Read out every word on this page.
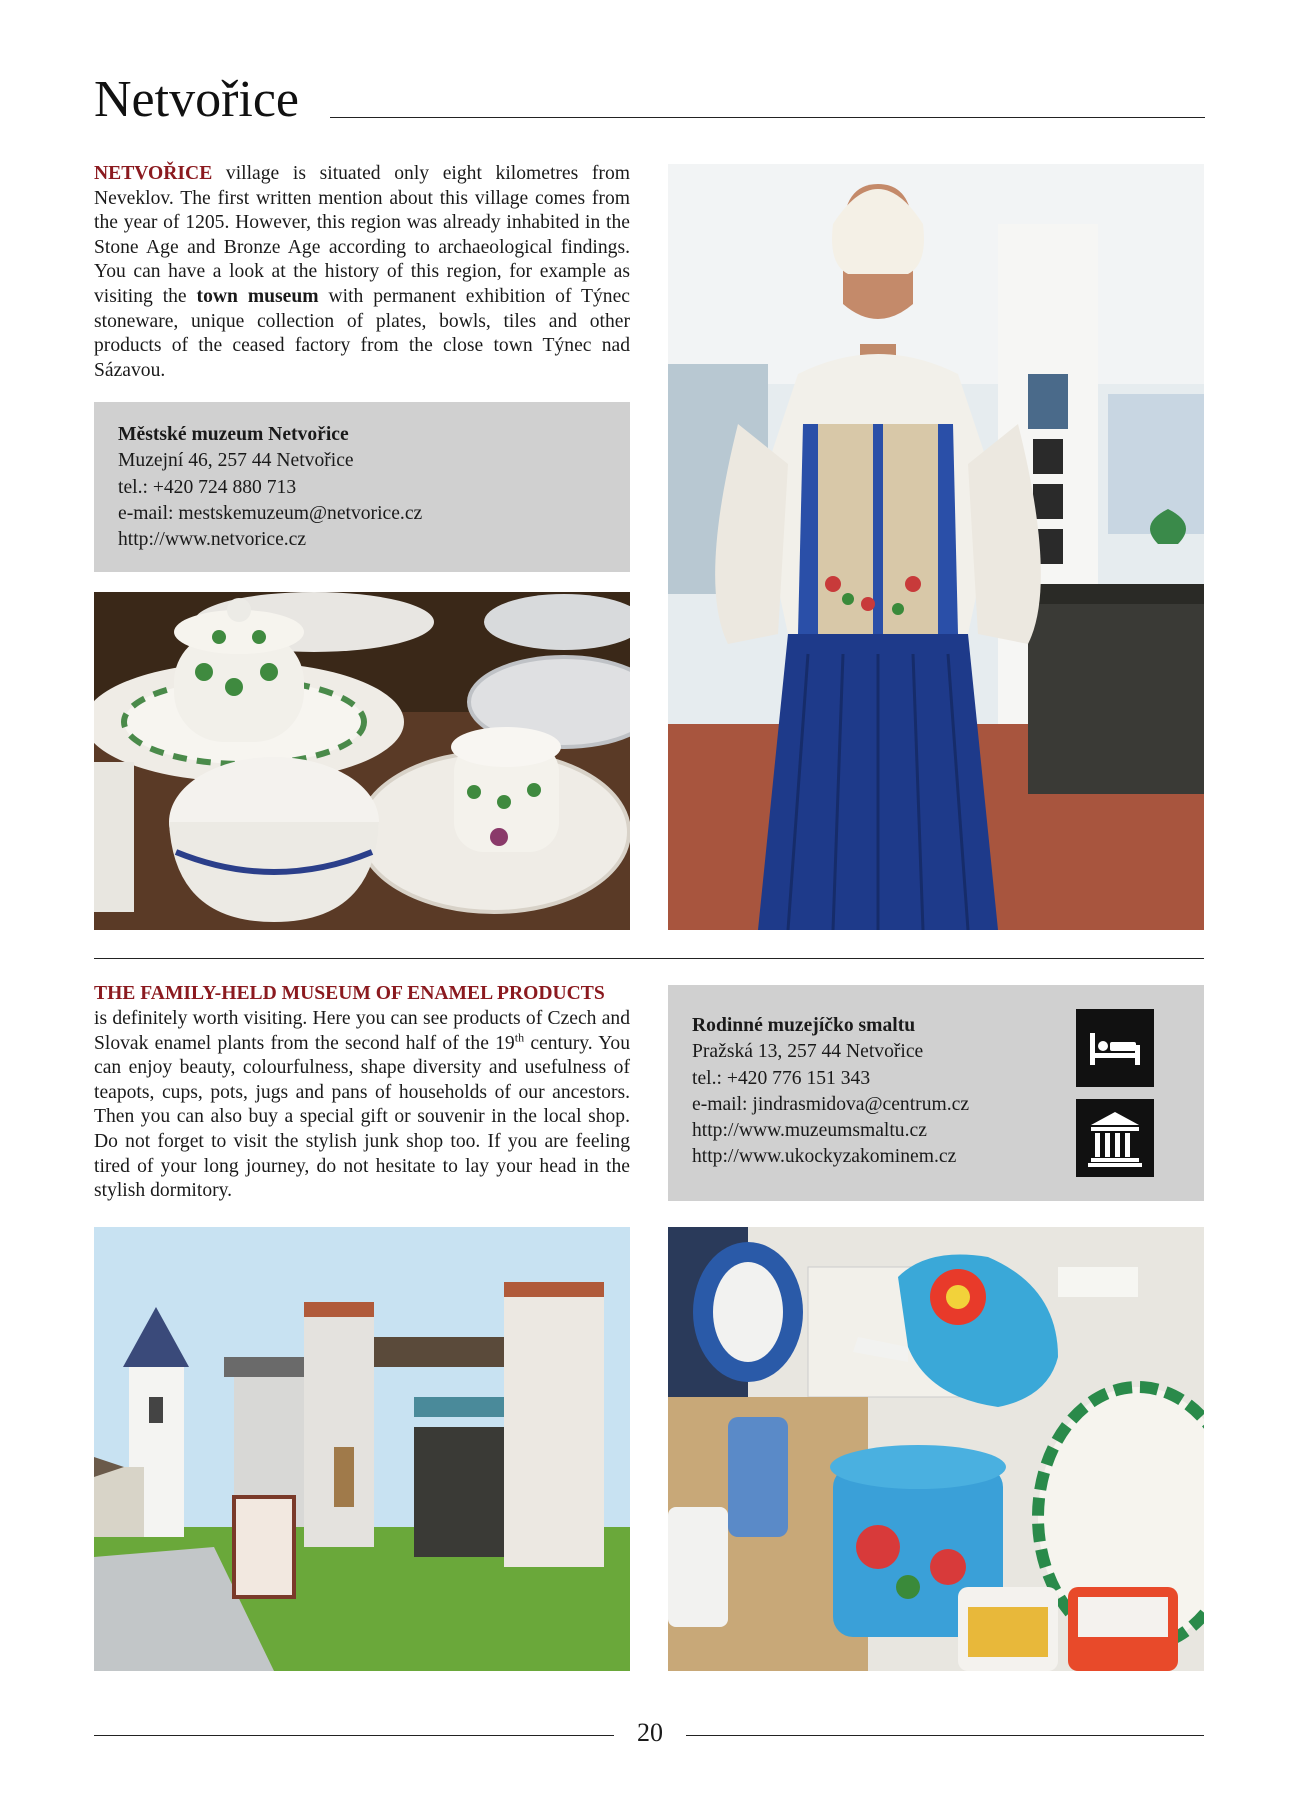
Netvořice
NETVOŘICE village is situated only eight kilometres from Neveklov. The first written mention about this village comes from the year of 1205. However, this region was already inhabited in the Stone Age and Bronze Age according to archaeological findings. You can have a look at the history of this region, for example as visiting the town museum with permanent exhibition of Týnec stoneware, unique collection of plates, bowls, tiles and other products of the ceased factory from the close town Týnec nad Sázavou.
Městské muzeum Netvořice
Muzejní 46, 257 44 Netvořice
tel.: +420 724 880 713
e-mail: mestskemuzeum@netvorice.cz
http://www.netvorice.cz
THE FAMILY-HELD MUSEUM OF ENAMEL PRODUCTS
is definitely worth visiting. Here you can see products of Czech and Slovak enamel plants from the second half of the 19th century. You can enjoy beauty, colourfulness, shape diversity and usefulness of teapots, cups, pots, jugs and pans of households of our ancestors. Then you can also buy a special gift or souvenir in the local shop. Do not forget to visit the stylish junk shop too. If you are feeling tired of your long journey, do not hesitate to lay your head in the stylish dormitory.
Rodinné muzejíčko smaltu
Pražská 13, 257 44 Netvořice
tel.: +420 776 151 343
e-mail: jindrasmidova@centrum.cz
http://www.muzeumsmaltu.cz
http://www.ukockyzakominem.cz
20
